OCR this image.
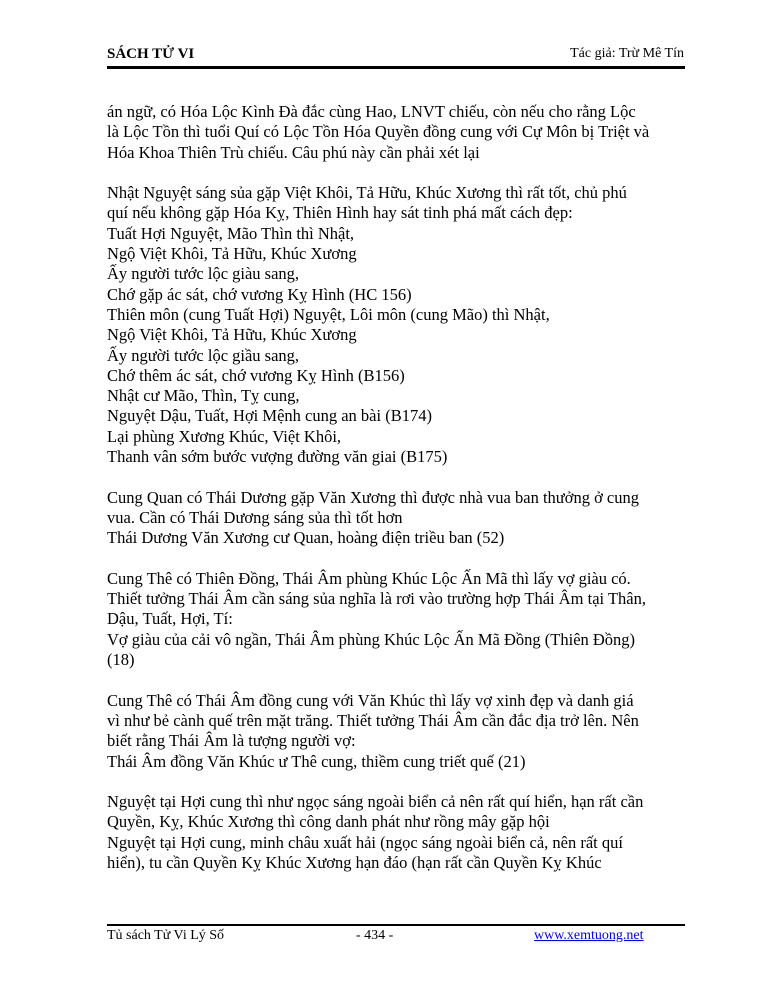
SÁCH TỬ VI	Tác giả: Trừ Mê Tín
án ngữ, có Hóa Lộc Kình Đà đắc cùng Hao, LNVT chiếu, còn nếu cho rằng Lộc
là Lộc Tồn thì tuổi Quí có Lộc Tồn Hóa Quyền đồng cung với Cự Môn bị Triệt và
Hóa Khoa Thiên Trù chiếu. Câu phú này cần phải xét lại
Nhật Nguyệt sáng sủa gặp Việt Khôi, Tả Hữu, Khúc Xương thì rất tốt, chủ phú
quí nếu không gặp Hóa Kỵ, Thiên Hình hay sát tinh phá mất cách đẹp:
Tuất Hợi Nguyệt, Mão Thìn thì Nhật,
Ngộ Việt Khôi, Tả Hữu, Khúc Xương
Ấy người tước lộc giàu sang,
Chớ gặp ác sát, chớ vương Kỵ Hình (HC 156)
Thiên môn (cung Tuất Hợi) Nguyệt, Lôi môn (cung Mão) thì Nhật,
Ngộ Việt Khôi, Tả Hữu, Khúc Xương
Ấy người tước lộc giầu sang,
Chớ thêm ác sát, chớ vương Kỵ Hình (B156)
Nhật cư Mão, Thìn, Tỵ cung,
Nguyệt Dậu, Tuất, Hợi Mệnh cung an bài (B174)
Lại phùng Xương Khúc, Việt Khôi,
Thanh vân sớm bước vượng đường văn giai (B175)
Cung Quan có Thái Dương gặp Văn Xương thì được nhà vua ban thưởng ở cung
vua. Cần có Thái Dương sáng sủa thì tốt hơn
Thái Dương Văn Xương cư Quan, hoàng điện triều ban (52)
Cung Thê có Thiên Đồng, Thái Âm phùng Khúc Lộc Ấn Mã thì lấy vợ giàu có.
Thiết tưởng Thái Âm cần sáng sủa nghĩa là rơi vào trường hợp Thái Âm tại Thân,
Dậu, Tuất, Hợi, Tí:
Vợ giàu của cải vô ngần, Thái Âm phùng Khúc Lộc Ấn Mã Đồng (Thiên Đồng)
(18)
Cung Thê có Thái Âm đồng cung với Văn Khúc thì lấy vợ xinh đẹp và danh giá
vì như bẻ cành quế trên mặt trăng. Thiết tưởng Thái Âm cần đắc địa trở lên. Nên
biết rằng Thái Âm là tượng người vợ:
Thái Âm đồng Văn Khúc ư Thê cung, thiềm cung triết quế (21)
Nguyệt tại Hợi cung thì như ngọc sáng ngoài biển cả nên rất quí hiển, hạn rất cần
Quyền, Kỵ, Khúc Xương thì công danh phát như rồng mây gặp hội
Nguyệt tại Hợi cung, minh châu xuất hải (ngọc sáng ngoài biển cả, nên rất quí
hiển), tu cần Quyền Kỵ Khúc Xương hạn đáo (hạn rất cần Quyền Kỵ Khúc
Tủ sách Tử Vi Lý Số	- 434 -	www.xemtuong.net
